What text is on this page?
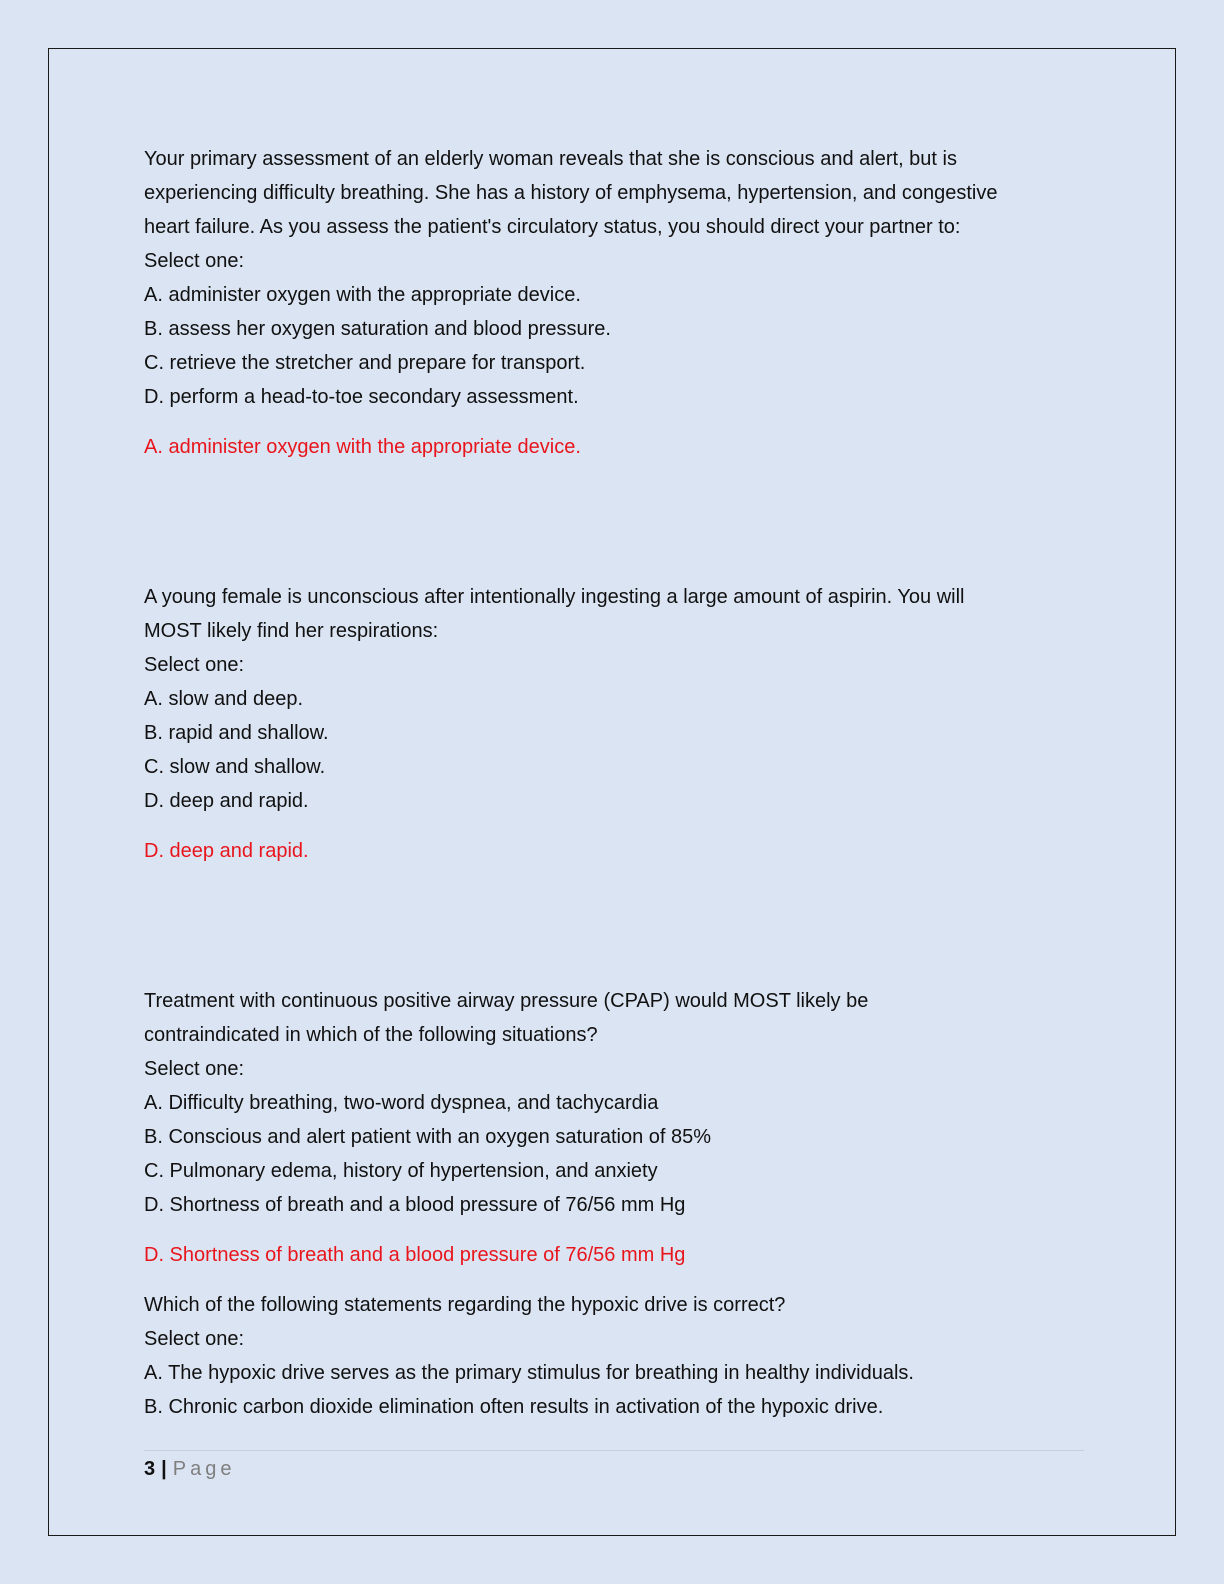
Your primary assessment of an elderly woman reveals that she is conscious and alert, but is
experiencing difficulty breathing. She has a history of emphysema, hypertension, and congestive
heart failure. As you assess the patient's circulatory status, you should direct your partner to:
Select one:
A. administer oxygen with the appropriate device.
B. assess her oxygen saturation and blood pressure.
C. retrieve the stretcher and prepare for transport.
D. perform a head-to-toe secondary assessment.
A. administer oxygen with the appropriate device.
A young female is unconscious after intentionally ingesting a large amount of aspirin. You will
MOST likely find her respirations:
Select one:
A. slow and deep.
B. rapid and shallow.
C. slow and shallow.
D. deep and rapid.
D. deep and rapid.
Treatment with continuous positive airway pressure (CPAP) would MOST likely be
contraindicated in which of the following situations?
Select one:
A. Difficulty breathing, two-word dyspnea, and tachycardia
B. Conscious and alert patient with an oxygen saturation of 85%
C. Pulmonary edema, history of hypertension, and anxiety
D. Shortness of breath and a blood pressure of 76/56 mm Hg
D. Shortness of breath and a blood pressure of 76/56 mm Hg
Which of the following statements regarding the hypoxic drive is correct?
Select one:
A. The hypoxic drive serves as the primary stimulus for breathing in healthy individuals.
B. Chronic carbon dioxide elimination often results in activation of the hypoxic drive.
3 | Page
